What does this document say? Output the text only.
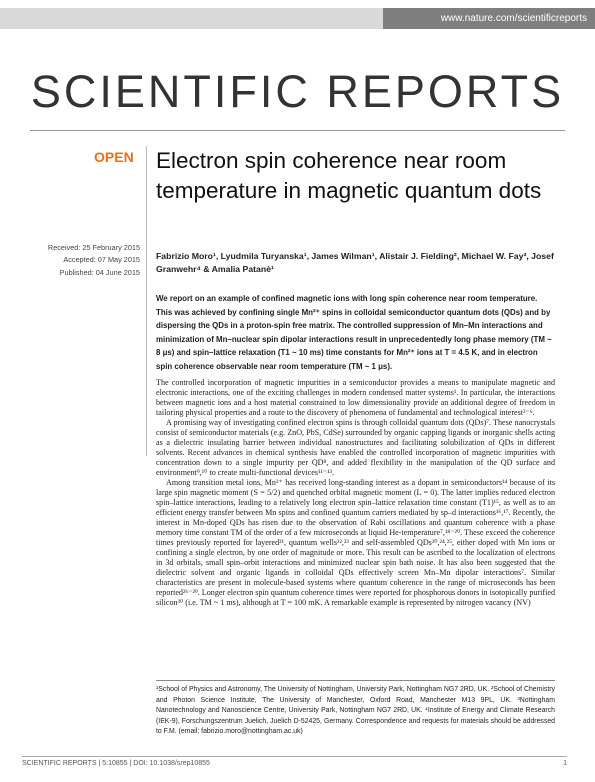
www.nature.com/scientificreports
SCIENTIFIC REPORTS
OPEN Electron spin coherence near room temperature in magnetic quantum dots
Received: 25 February 2015
Accepted: 07 May 2015
Published: 04 June 2015
Fabrizio Moro¹, Lyudmila Turyanska¹, James Wilman¹, Alistair J. Fielding², Michael W. Fay³, Josef Granwehr⁴ & Amalia Patanè¹
We report on an example of confined magnetic ions with long spin coherence near room temperature. This was achieved by confining single Mn²⁺ spins in colloidal semiconductor quantum dots (QDs) and by dispersing the QDs in a proton-spin free matrix. The controlled suppression of Mn–Mn interactions and minimization of Mn–nuclear spin dipolar interactions result in unprecedentedly long phase memory (TM ~ 8 μs) and spin–lattice relaxation (T1 ~ 10 ms) time constants for Mn²⁺ ions at T = 4.5 K, and in electron spin coherence observable near room temperature (TM ~ 1 μs).

The controlled incorporation of magnetic impurities in a semiconductor provides a means to manipulate magnetic and electronic interactions, one of the exciting challenges in modern condensed matter systems¹. In particular, the interactions between magnetic ions and a host material constrained to low dimensionality provide an additional degree of freedom in tailoring physical properties and a route to the discovery of phenomena of fundamental and technological interest²⁻⁶.

A promising way of investigating confined electron spins is through colloidal quantum dots (QDs)⁷. These nanocrystals consist of semiconductor materials (e.g. ZnO, PbS, CdSe) surrounded by organic capping ligands or inorganic shells acting as a dielectric insulating barrier between individual nanostructures and facilitating solubilization of QDs in different solvents. Recent advances in chemical synthesis have enabled the controlled incorporation of magnetic impurities with concentration down to a single impurity per QD⁸, and added flexibility in the manipulation of the QD surface and environment⁹,¹⁰ to create multi-functional devices¹¹⁻¹³.

Among transition metal ions, Mn²⁺ has received long-standing interest as a dopant in semiconductors¹⁴ because of its large spin magnetic moment (S = 5/2) and quenched orbital magnetic moment (L = 0). The latter implies reduced electron spin–lattice interactions, leading to a relatively long electron spin–lattice relaxation time constant (T1)¹⁵, as well as to an efficient energy transfer between Mn spins and confined quantum carriers mediated by sp–d interactions¹⁶,¹⁷. Recently, the interest in Mn-doped QDs has risen due to the observation of Rabi oscillations and quantum coherence with a phase memory time constant TM of the order of a few microseconds at liquid He-temperature⁷,¹⁸⁻²⁰. These exceed the coherence times previously reported for layered²¹, quantum wells²²,²³ and self-assembled QDs²⁰,²⁴,²⁵, either doped with Mn ions or confining a single electron, by one order of magnitude or more. This result can be ascribed to the localization of electrons in 3d orbitals, small spin–orbit interactions and minimized nuclear spin bath noise. It has also been suggested that the dielectric solvent and organic ligands in colloidal QDs effectively screen Mn–Mn dipolar interactions⁷. Similar characteristics are present in molecule-based systems where quantum coherence in the range of microseconds has been reported²⁶⁻²⁹. Longer electron spin quantum coherence times were reported for phosphorous donors in isotopically purified silicon³⁰ (i.e. TM ~ 1 ms), although at T = 100 mK. A remarkable example is represented by nitrogen vacancy (NV)

¹School of Physics and Astronomy, The University of Nottingham, University Park, Nottingham NG7 2RD, UK. ²School of Chemistry and Photon Science Institute, The University of Manchester, Oxford Road, Manchester M13 9PL, UK. ³Nottingham Nanotechnology and Nanoscience Centre, University Park, Nottingham NG7 2RD, UK. ⁴Institute of Energy and Climate Research (IEK-9), Forschungszentrum Juelich, Juelich D-52425, Germany. Correspondence and requests for materials should be addressed to F.M. (email: fabrizio.moro@nottingham.ac.uk)
SCIENTIFIC REPORTS | 5:10855 | DOI: 10.1038/srep10855	1
